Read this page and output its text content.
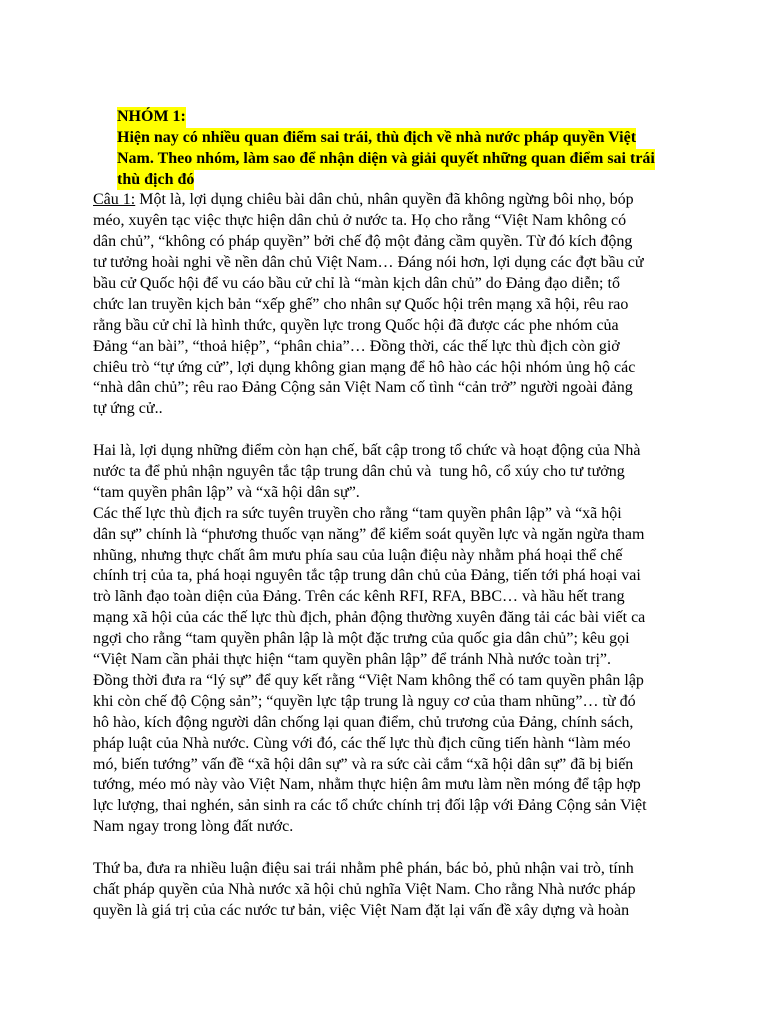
NHÓM 1:

Hiện nay có nhiều quan điểm sai trái, thù địch về nhà nước pháp quyền Việt

Nam. Theo nhóm, làm sao để nhận diện và giải quyết những quan điểm sai trái

thù địch đó

Câu 1: Một là, lợi dụng chiêu bài dân chủ, nhân quyền đã không ngừng bôi nhọ, bóp
méo, xuyên tạc việc thực hiện dân chủ ở nước ta. Họ cho rằng “Việt Nam không có
dân chủ”, “không có pháp quyền” bởi chế độ một đảng cầm quyền. Từ đó kích động
tư tưởng hoài nghi về nền dân chủ Việt Nam… Đáng nói hơn, lợi dụng các đợt bầu cử
bầu cử Quốc hội để vu cáo bầu cử chỉ là “màn kịch dân chủ” do Đảng đạo diễn; tổ
chức lan truyền kịch bản “xếp ghế” cho nhân sự Quốc hội trên mạng xã hội, rêu rao
rằng bầu cử chỉ là hình thức, quyền lực trong Quốc hội đã được các phe nhóm của
Đảng “an bài”, “thoả hiệp”, “phân chia”… Đồng thời, các thế lực thù địch còn giở
chiêu trò “tự ứng cử”, lợi dụng không gian mạng để hô hào các hội nhóm ủng hộ các
“nhà dân chủ”; rêu rao Đảng Cộng sản Việt Nam cố tình “cản trở” người ngoài đảng
tự ứng cử..
Hai là, lợi dụng những điểm còn hạn chế, bất cập trong tổ chức và hoạt động của Nhà
nước ta để phủ nhận nguyên tắc tập trung dân chủ và  tung hô, cổ xúy cho tư tưởng
“tam quyền phân lập” và “xã hội dân sự”.
Các thế lực thù địch ra sức tuyên truyền cho rằng “tam quyền phân lập” và “xã hội
dân sự” chính là “phương thuốc vạn năng” để kiểm soát quyền lực và ngăn ngừa tham
nhũng, nhưng thực chất âm mưu phía sau của luận điệu này nhằm phá hoại thể chế
chính trị của ta, phá hoại nguyên tắc tập trung dân chủ của Đảng, tiến tới phá hoại vai
trò lãnh đạo toàn diện của Đảng. Trên các kênh RFI, RFA, BBC… và hầu hết trang
mạng xã hội của các thế lực thù địch, phản động thường xuyên đăng tải các bài viết ca
ngợi cho rằng “tam quyền phân lập là một đặc trưng của quốc gia dân chủ”; kêu gọi
“Việt Nam cần phải thực hiện “tam quyền phân lập” để tránh Nhà nước toàn trị”.
Đồng thời đưa ra “lý sự” để quy kết rằng “Việt Nam không thể có tam quyền phân lập
khi còn chế độ Cộng sản”; “quyền lực tập trung là nguy cơ của tham nhũng”… từ đó
hô hào, kích động người dân chống lại quan điểm, chủ trương của Đảng, chính sách,
pháp luật của Nhà nước. Cùng với đó, các thế lực thù địch cũng tiến hành “làm méo
mó, biến tướng” vấn đề “xã hội dân sự” và ra sức cài cắm “xã hội dân sự” đã bị biến
tướng, méo mó này vào Việt Nam, nhằm thực hiện âm mưu làm nền móng để tập hợp
lực lượng, thai nghén, sản sinh ra các tổ chức chính trị đối lập với Đảng Cộng sản Việt
Nam ngay trong lòng đất nước.
Thứ ba, đưa ra nhiều luận điệu sai trái nhằm phê phán, bác bỏ, phủ nhận vai trò, tính
chất pháp quyền của Nhà nước xã hội chủ nghĩa Việt Nam. Cho rằng Nhà nước pháp
quyền là giá trị của các nước tư bản, việc Việt Nam đặt lại vấn đề xây dựng và hoàn
